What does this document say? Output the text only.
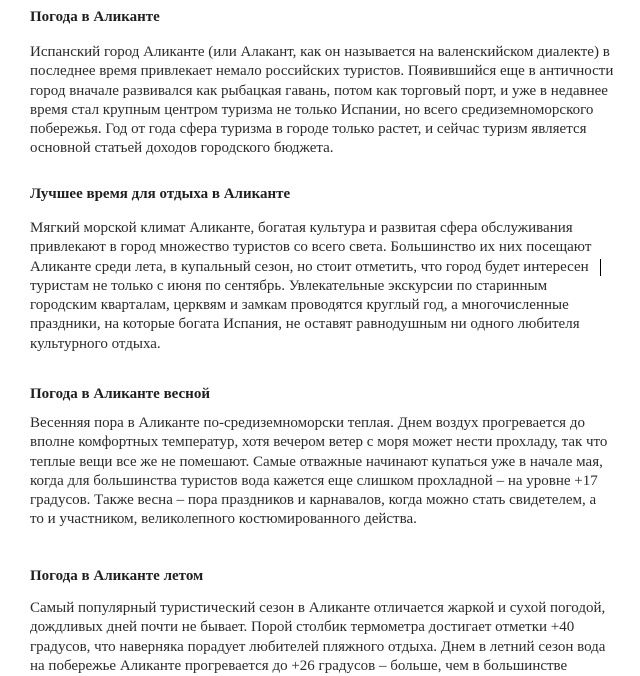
Погода в Аликанте
Испанский город Аликанте (или Алакант, как он называется на валенскийском диалекте) в
последнее время привлекает немало российских туристов. Появившийся еще в античности
город вначале развивался как рыбацкая гавань, потом как торговый порт, и уже в недавнее
время стал крупным центром туризма не только Испании, но всего средиземноморского
побережья. Год от года сфера туризма в городе только растет, и сейчас туризм является
основной статьей доходов городского бюджета.
Лучшее время для отдыха в Аликанте
Мягкий морской климат Аликанте, богатая культура и развитая сфера обслуживания
привлекают в город множество туристов со всего света. Большинство их них посещают
Аликанте среди лета, в купальный сезон, но стоит отметить, что город будет интересен
туристам не только с июня по сентябрь. Увлекательные экскурсии по старинным
городским кварталам, церквям и замкам проводятся круглый год, а многочисленные
праздники, на которые богата Испания, не оставят равнодушным ни одного любителя
культурного отдыха.
Погода в Аликанте весной
Весенняя пора в Аликанте по-средиземноморски теплая. Днем воздух прогревается до
вполне комфортных температур, хотя вечером ветер с моря может нести прохладу, так что
теплые вещи все же не помешают. Самые отважные начинают купаться уже в начале мая,
когда для большинства туристов вода кажется еще слишком прохладной – на уровне +17
градусов. Также весна – пора праздников и карнавалов, когда можно стать свидетелем, а
то и участником, великолепного костюмированного действа.
Погода в Аликанте летом
Самый популярный туристический сезон в Аликанте отличается жаркой и сухой погодой,
дождливых дней почти не бывает. Порой столбик термометра достигает отметки +40
градусов, что наверняка порадует любителей пляжного отдыха. Днем в летний сезон вода
на побережье Аликанте прогревается до +26 градусов – больше, чем в большинстве
